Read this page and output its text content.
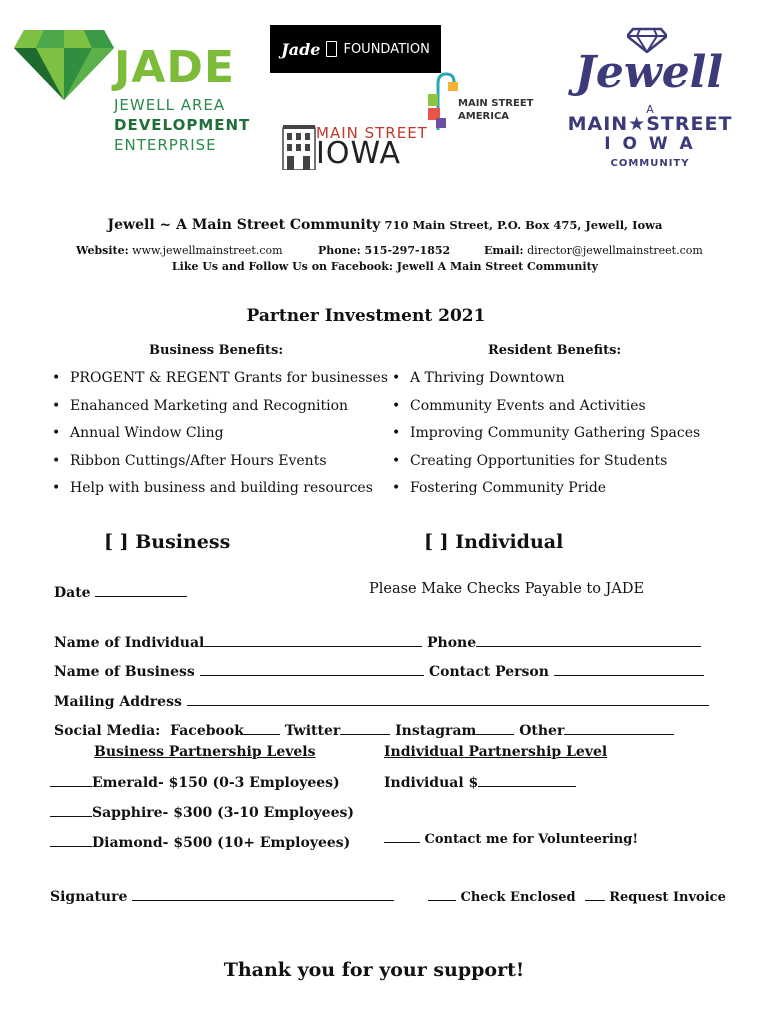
JADE
JEWELL AREA
DEVELOPMENT
ENTERPRISE
Jade FOUNDATION
MAIN STREET
AMERICA
MAIN STREET
IOWA
Jewell
A
MAIN★STREET
I O W A
COMMUNITY
Jewell ~ A Main Street Community 710 Main Street, P.O. Box 475, Jewell, Iowa
Website: www.jewellmainstreet.com	Phone: 515-297-1852	Email: director@jewellmainstreet.com
Like Us and Follow Us on Facebook: Jewell A Main Street Community
Partner Investment 2021
Business Benefits:	Resident Benefits:
• PROGENT & REGENT Grants for businesses
• Enahanced Marketing and Recognition
• Annual Window Cling
• Ribbon Cuttings/After Hours Events
• Help with business and building resources
• A Thriving Downtown
• Community Events and Activities
• Improving Community Gathering Spaces
• Creating Opportunities for Students
• Fostering Community Pride
[ ] Business	[ ] Individual
Date	Please Make Checks Payable to JADE
Name of Individual	Phone
Name of Business	Contact Person
Mailing Address
Social Media: Facebook	Twitter	Instagram	Other
Business Partnership Levels	Individual Partnership Level
Emerald- $150 (0-3 Employees)	Individual $
Sapphire- $300 (3-10 Employees)
Diamond- $500 (10+ Employees)	Contact me for Volunteering!
Signature	Check Enclosed	Request Invoice
Thank you for your support!
